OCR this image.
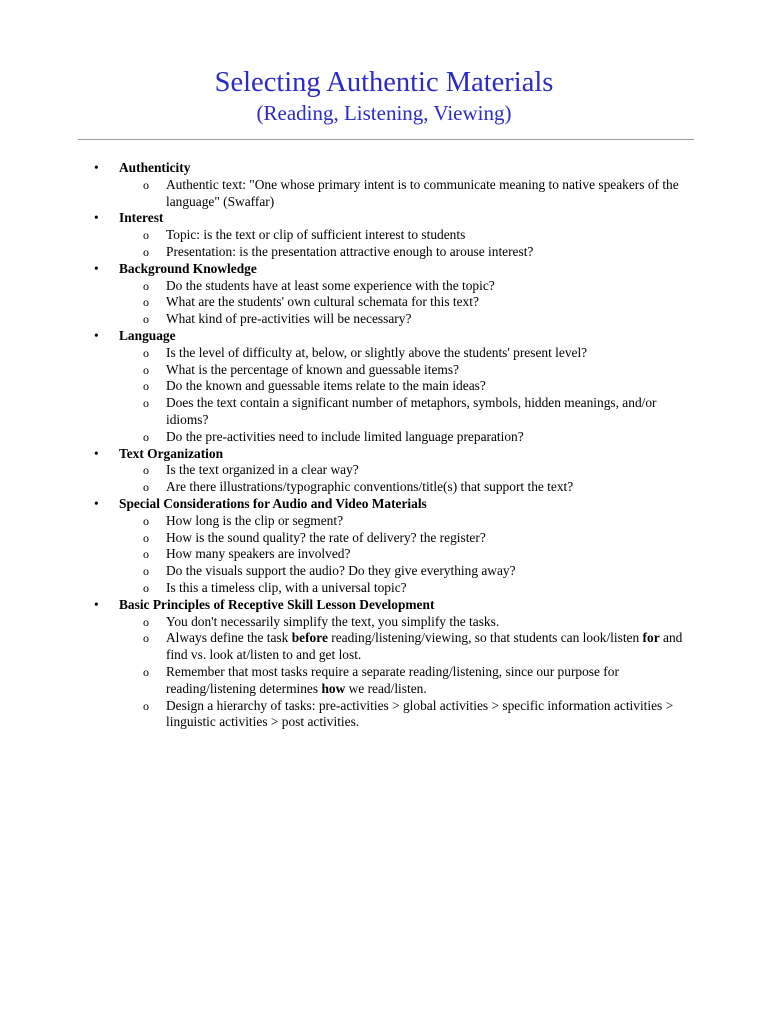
Selecting Authentic Materials
(Reading, Listening, Viewing)
• Authenticity
o Authentic text: "One whose primary intent is to communicate meaning to native speakers of the language" (Swaffar)
• Interest
o Topic: is the text or clip of sufficient interest to students
o Presentation: is the presentation attractive enough to arouse interest?
• Background Knowledge
o Do the students have at least some experience with the topic?
o What are the students' own cultural schemata for this text?
o What kind of pre-activities will be necessary?
• Language
o Is the level of difficulty at, below, or slightly above the students' present level?
o What is the percentage of known and guessable items?
o Do the known and guessable items relate to the main ideas?
o Does the text contain a significant number of metaphors, symbols, hidden meanings, and/or idioms?
o Do the pre-activities need to include limited language preparation?
• Text Organization
o Is the text organized in a clear way?
o Are there illustrations/typographic conventions/title(s) that support the text?
• Special Considerations for Audio and Video Materials
o How long is the clip or segment?
o How is the sound quality? the rate of delivery? the register?
o How many speakers are involved?
o Do the visuals support the audio? Do they give everything away?
o Is this a timeless clip, with a universal topic?
• Basic Principles of Receptive Skill Lesson Development
o You don't necessarily simplify the text, you simplify the tasks.
o Always define the task before reading/listening/viewing, so that students can look/listen for and find vs. look at/listen to and get lost.
o Remember that most tasks require a separate reading/listening, since our purpose for reading/listening determines how we read/listen.
o Design a hierarchy of tasks: pre-activities > global activities > specific information activities > linguistic activities > post activities.
